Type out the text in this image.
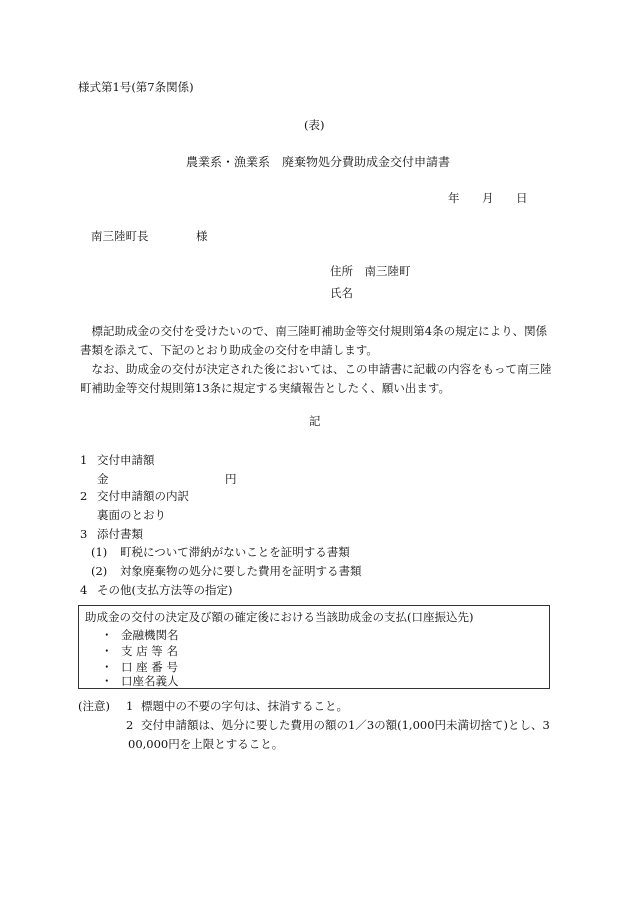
様式第1号(第7条関係)
(表)
農業系・漁業系　廃棄物処分費助成金交付申請書
年 月 日
南三陸町長	様
住所　南三陸町
氏名

標記助成金の交付を受けたいので、南三陸町補助金等交付規則第4条の規定により、関係書類を添えて、下記のとおり助成金の交付を申請します。

なお、助成金の交付が決定された後においては、この申請書に記載の内容をもって南三陸町補助金等交付規則第13条に規定する実績報告としたく、願い出ます。

記
1 交付申請額
金	円
2 交付申請額の内訳
裏面のとおり
3 添付書類
(1) 町税について滞納がないことを証明する書類
(2) 対象廃棄物の処分に要した費用を証明する書類
4 その他(支払方法等の指定)
助成金の交付の決定及び額の確定後における当該助成金の支払(口座振込先)
・ 金融機関名
・ 支 店 等 名
・ 口 座 番 号
・ 口座名義人
(注意) 1 標題中の不要の字句は、抹消すること。
2 交付申請額は、処分に要した費用の額の1／3の額(1,000円未満切捨て)とし、3
00,000円を上限とすること。
